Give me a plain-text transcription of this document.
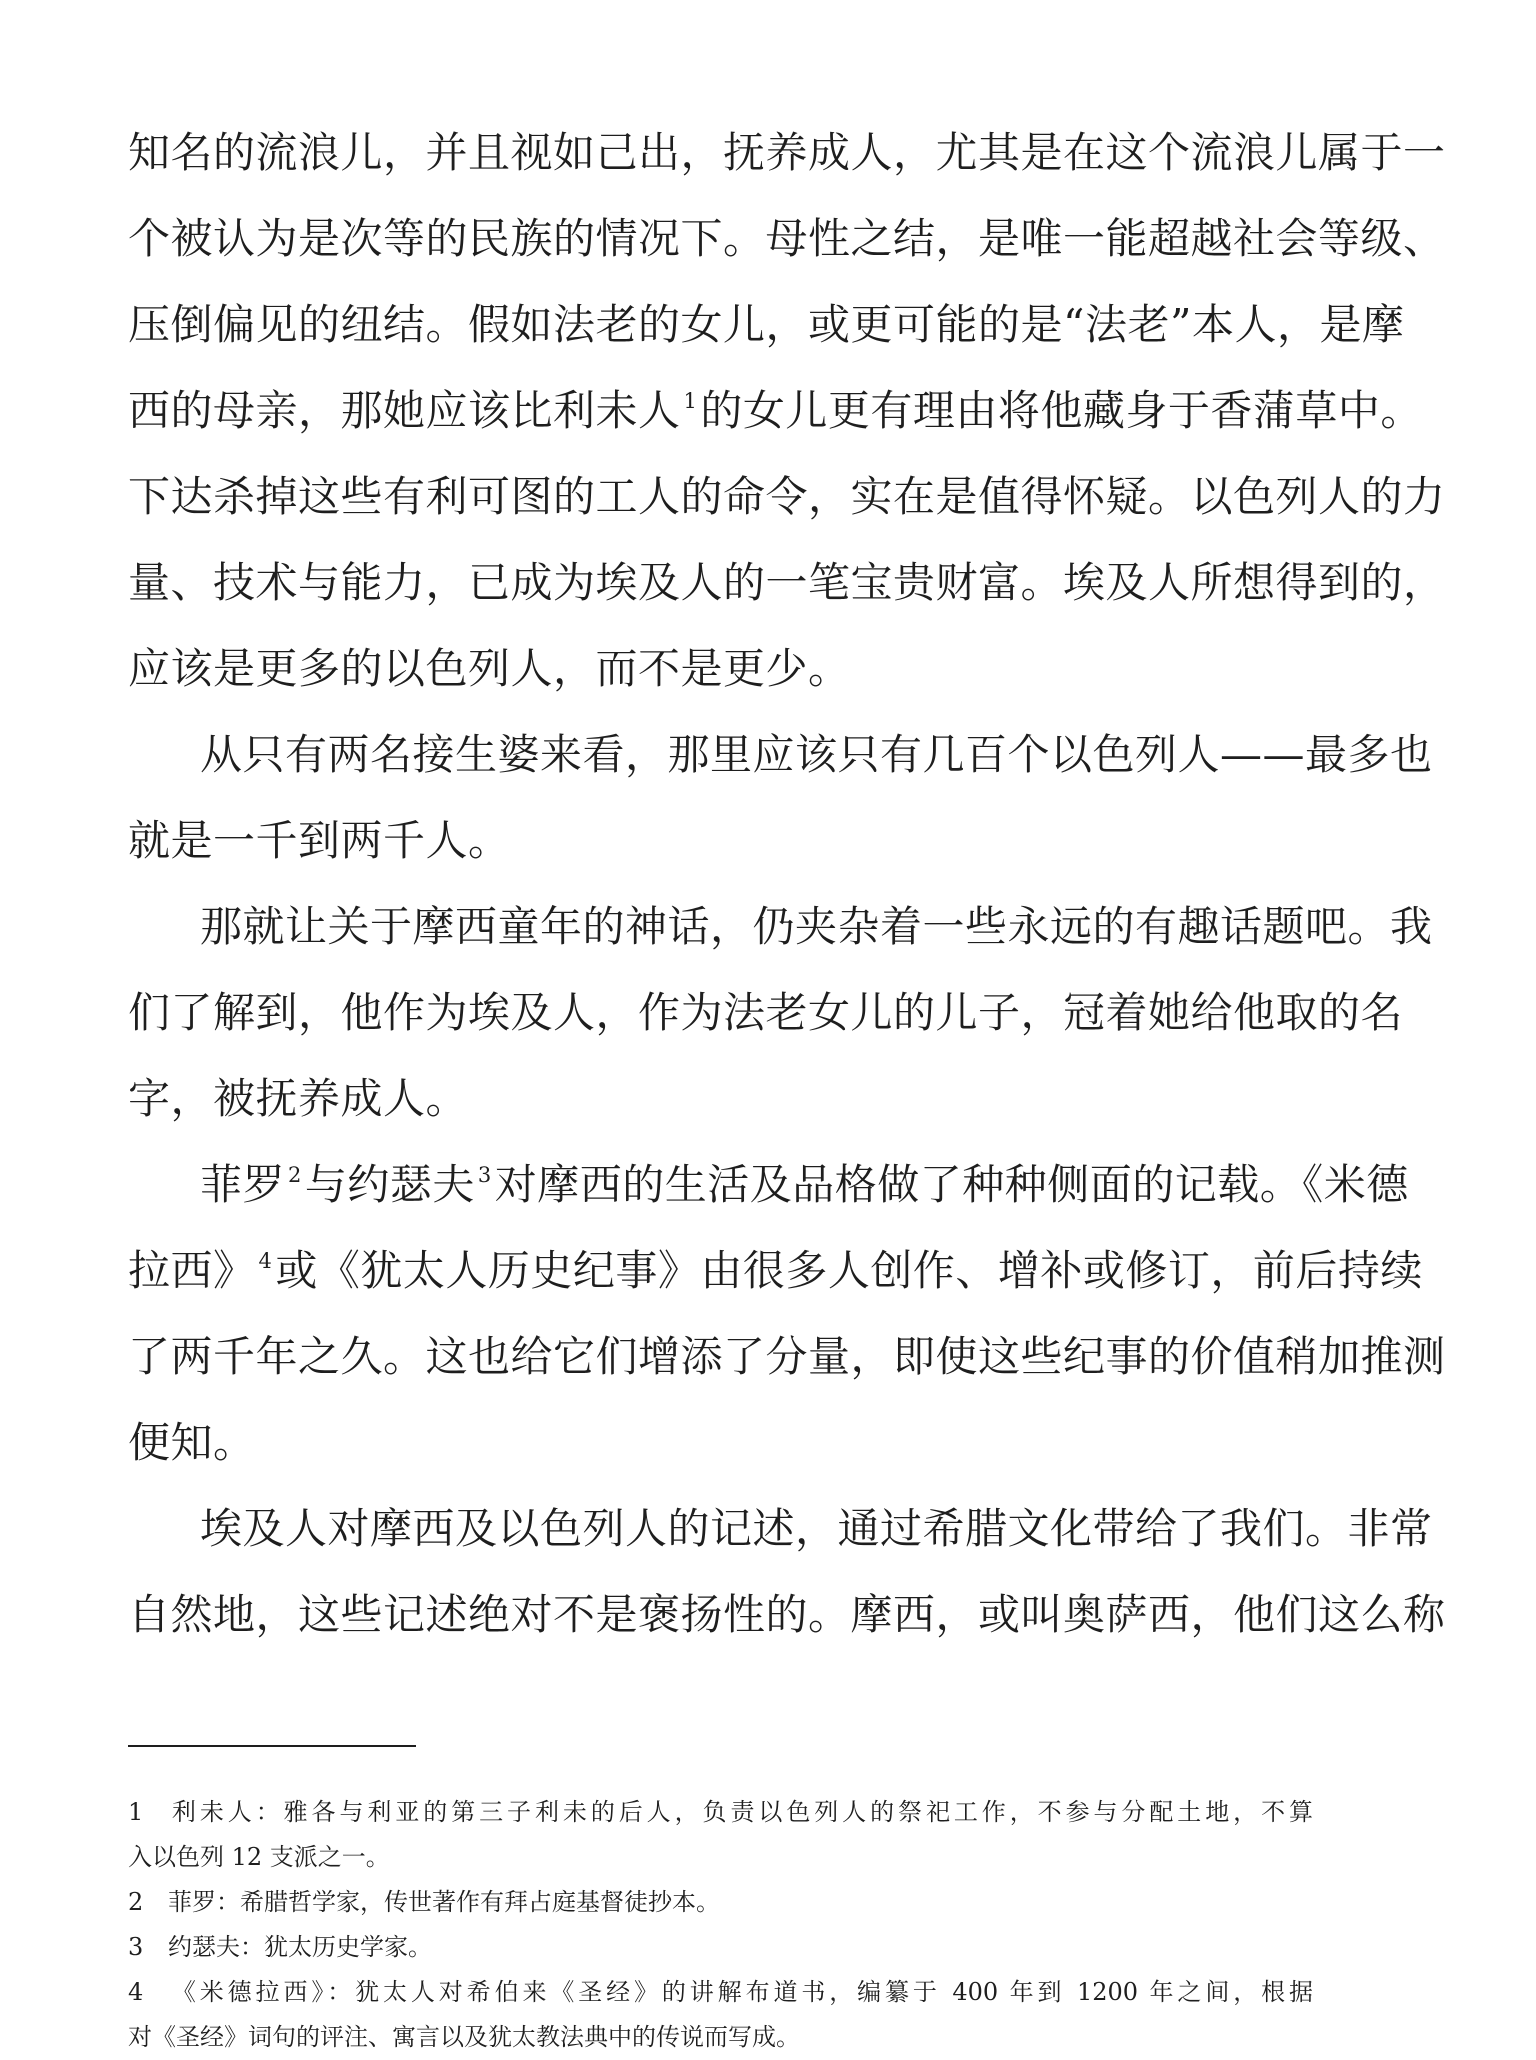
知名的流浪儿，并且视如己出，抚养成人，尤其是在这个流浪儿属于一
个被认为是次等的民族的情况下。母性之结，是唯一能超越社会等级、
压倒偏见的纽结。假如法老的女儿，或更可能的是“法老”本人，是摩
西的母亲，那她应该比利未人 $^1$的女儿更有理由将他藏身于香蒲草中。
下达杀掉这些有利可图的工人的命令，实在是值得怀疑。以色列人的力
量、技术与能力，已成为埃及人的一笔宝贵财富。埃及人所想得到的，
应该是更多的以色列人，而不是更少。
从只有两名接生婆来看，那里应该只有几百个以色列人——最多也
就是一千到两千人。
那就让关于摩西童年的神话，仍夹杂着一些永远的有趣话题吧。我
们了解到，他作为埃及人，作为法老女儿的儿子，冠着她给他取的名
字，被抚养成人。
菲罗 $^2$与约瑟夫 $^3$对摩西的生活及品格做了种种侧面的记载。《米德
拉西》 $^4$或《犹太人历史纪事》由很多人创作、增补或修订，前后持续
了两千年之久。这也给它们增添了分量，即使这些纪事的价值稍加推测
便知。
埃及人对摩西及以色列人的记述，通过希腊文化带给了我们。非常
自然地，这些记述绝对不是褒扬性的。摩西，或叫奥萨西，他们这么称
1 利未人：雅各与利亚的第三子利未的后人，负责以色列人的祭祀工作，不参与分配土地，不算
入以色列 12 支派之一。
2 菲罗：希腊哲学家，传世著作有拜占庭基督徒抄本。
3 约瑟夫：犹太历史学家。
4 《米德拉西》：犹太人对希伯来《圣经》的讲解布道书，编纂于 400 年到 1200 年之间，根据
对《圣经》词句的评注、寓言以及犹太教法典中的传说而写成。
